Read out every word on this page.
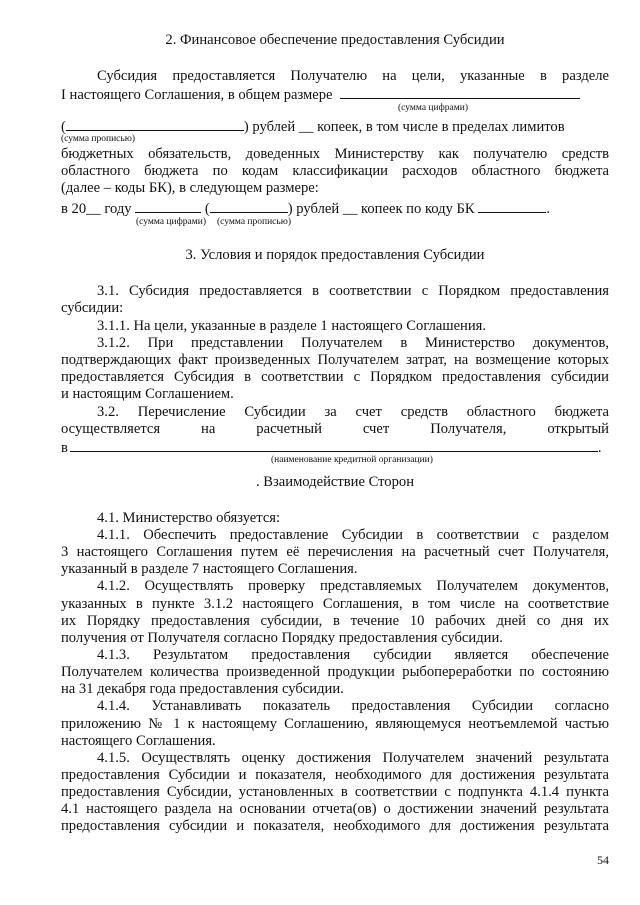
2. Финансовое обеспечение предоставления Субсидии
Субсидия предоставляется Получателю на цели, указанные в разделе
I настоящего Соглашения, в общем размере
(сумма цифрами)
(	) рублей __ копеек, в том числе в пределах лимитов
(сумма прописью)
бюджетных обязательств, доведенных Министерству как получателю средств
областного бюджета по кодам классификации расходов областного бюджета
(далее – коды БК), в следующем размере:
в 20__ году	(	) рублей __ копеек по коду БК	.
(сумма цифрами) (сумма прописью)
3. Условия и порядок предоставления Субсидии
3.1. Субсидия предоставляется в соответствии с Порядком предоставления
субсидии:
3.1.1. На цели, указанные в разделе 1 настоящего Соглашения.
3.1.2. При представлении Получателем в Министерство документов,
подтверждающих факт произведенных Получателем затрат, на возмещение которых
предоставляется Субсидия в соответствии с Порядком предоставления субсидии
и настоящим Соглашением.
3.2. Перечисление Субсидии за счет средств областного бюджета
осуществляется на расчетный счет Получателя, открытый
в	.
(наименование кредитной организации)
. Взаимодействие Сторон
4.1. Министерство обязуется:
4.1.1. Обеспечить предоставление Субсидии в соответствии с разделом
3 настоящего Соглашения путем её перечисления на расчетный счет Получателя,
указанный в разделе 7 настоящего Соглашения.
4.1.2. Осуществлять проверку представляемых Получателем документов,
указанных в пункте 3.1.2 настоящего Соглашения, в том числе на соответствие
их Порядку предоставления субсидии, в течение 10 рабочих дней со дня их
получения от Получателя согласно Порядку предоставления субсидии.
4.1.3. Результатом предоставления субсидии является обеспечение
Получателем количества произведенной продукции рыбопереработки по состоянию
на 31 декабря года предоставления субсидии.
4.1.4. Устанавливать показатель предоставления Субсидии согласно
приложению № 1 к настоящему Соглашению, являющемуся неотъемлемой частью
настоящего Соглашения.
4.1.5. Осуществлять оценку достижения Получателем значений результата
предоставления Субсидии и показателя, необходимого для достижения результата
предоставления Субсидии, установленных в соответствии с подпункта 4.1.4 пункта
4.1 настоящего раздела на основании отчета(ов) о достижении значений результата
предоставления субсидии и показателя, необходимого для достижения результата
54
